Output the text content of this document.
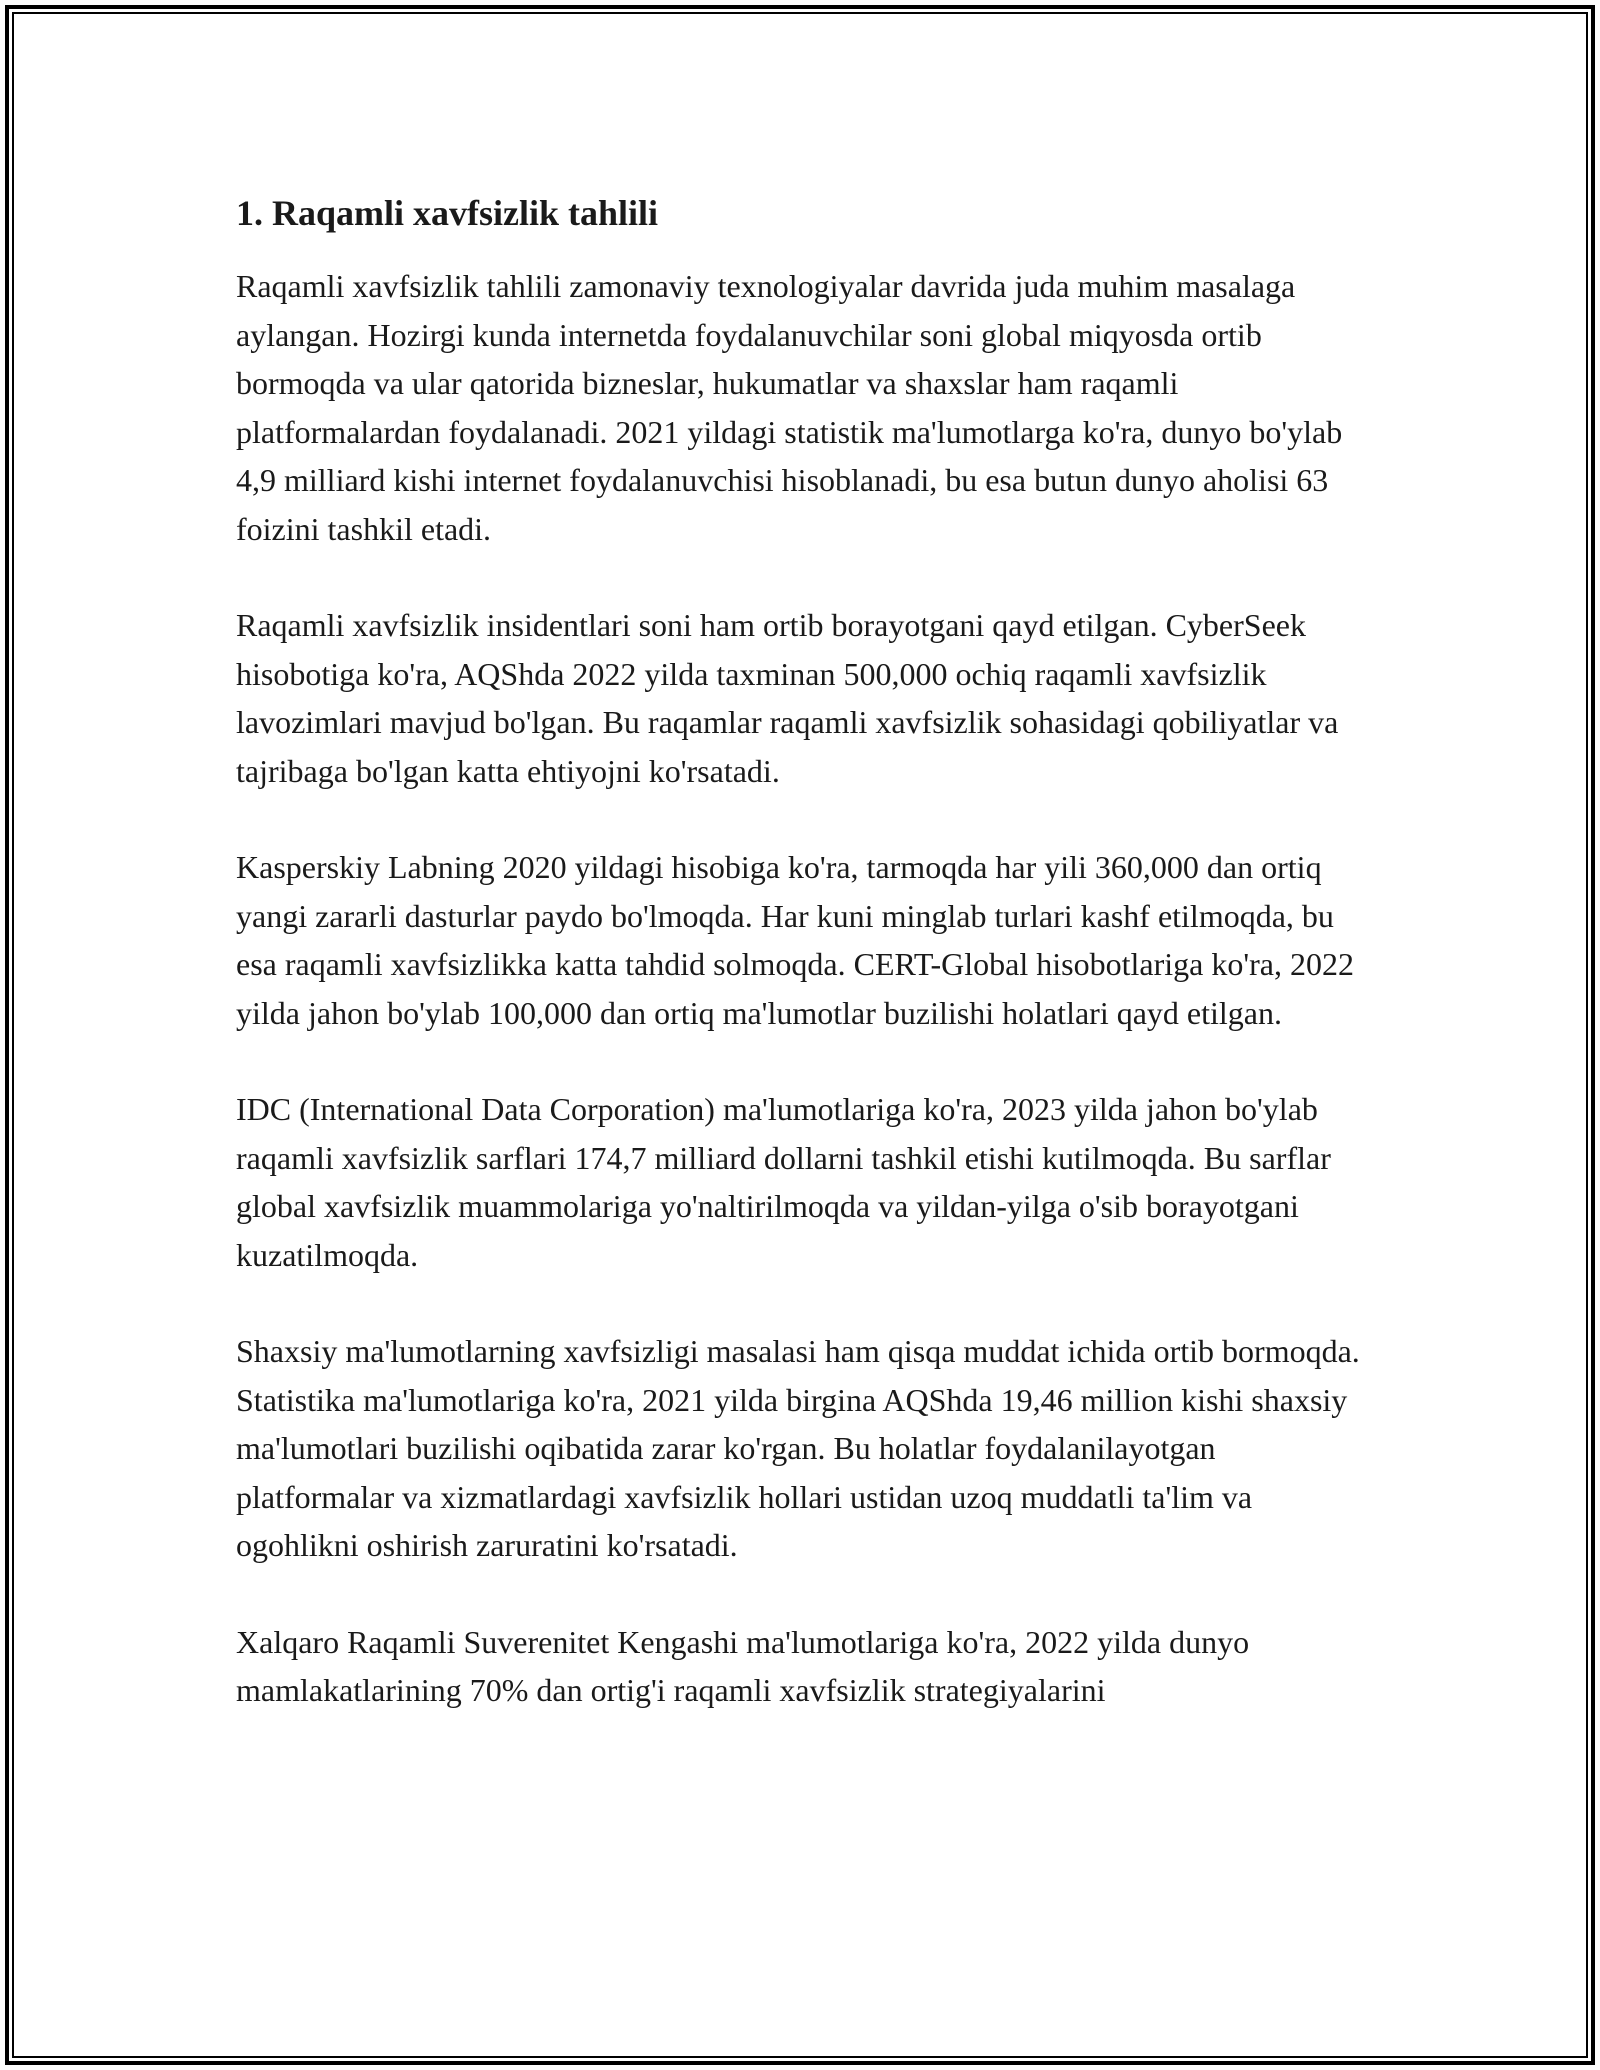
1. Raqamli xavfsizlik tahlili

Raqamli xavfsizlik tahlili zamonaviy texnologiyalar davrida juda muhim masalaga aylangan. Hozirgi kunda internetda foydalanuvchilar soni global miqyosda ortib bormoqda va ular qatorida bizneslar, hukumatlar va shaxslar ham raqamli platformalardan foydalanadi. 2021 yildagi statistik ma'lumotlarga ko'ra, dunyo bo'ylab 4,9 milliard kishi internet foydalanuvchisi hisoblanadi, bu esa butun dunyo aholisi 63 foizini tashkil etadi.

Raqamli xavfsizlik insidentlari soni ham ortib borayotgani qayd etilgan. CyberSeek hisobotiga ko'ra, AQShda 2022 yilda taxminan 500,000 ochiq raqamli xavfsizlik lavozimlari mavjud bo'lgan. Bu raqamlar raqamli xavfsizlik sohasidagi qobiliyatlar va tajribaga bo'lgan katta ehtiyojni ko'rsatadi.

Kasperskiy Labning 2020 yildagi hisobiga ko'ra, tarmoqda har yili 360,000 dan ortiq yangi zararli dasturlar paydo bo'lmoqda. Har kuni minglab turlari kashf etilmoqda, bu esa raqamli xavfsizlikka katta tahdid solmoqda. CERT-Global hisobotlariga ko'ra, 2022 yilda jahon bo'ylab 100,000 dan ortiq ma'lumotlar buzilishi holatlari qayd etilgan.

IDC (International Data Corporation) ma'lumotlariga ko'ra, 2023 yilda jahon bo'ylab raqamli xavfsizlik sarflari 174,7 milliard dollarni tashkil etishi kutilmoqda. Bu sarflar global xavfsizlik muammolariga yo'naltirilmoqda va yildan-yilga o'sib borayotgani kuzatilmoqda.

Shaxsiy ma'lumotlarning xavfsizligi masalasi ham qisqa muddat ichida ortib bormoqda. Statistika ma'lumotlariga ko'ra, 2021 yilda birgina AQShda 19,46 million kishi shaxsiy ma'lumotlari buzilishi oqibatida zarar ko'rgan. Bu holatlar foydalanilayotgan platformalar va xizmatlardagi xavfsizlik hollari ustidan uzoq muddatli ta'lim va ogohlikni oshirish zaruratini ko'rsatadi.

Xalqaro Raqamli Suverenitet Kengashi ma'lumotlariga ko'ra, 2022 yilda dunyo mamlakatlarining 70% dan ortig'i raqamli xavfsizlik strategiyalarini
